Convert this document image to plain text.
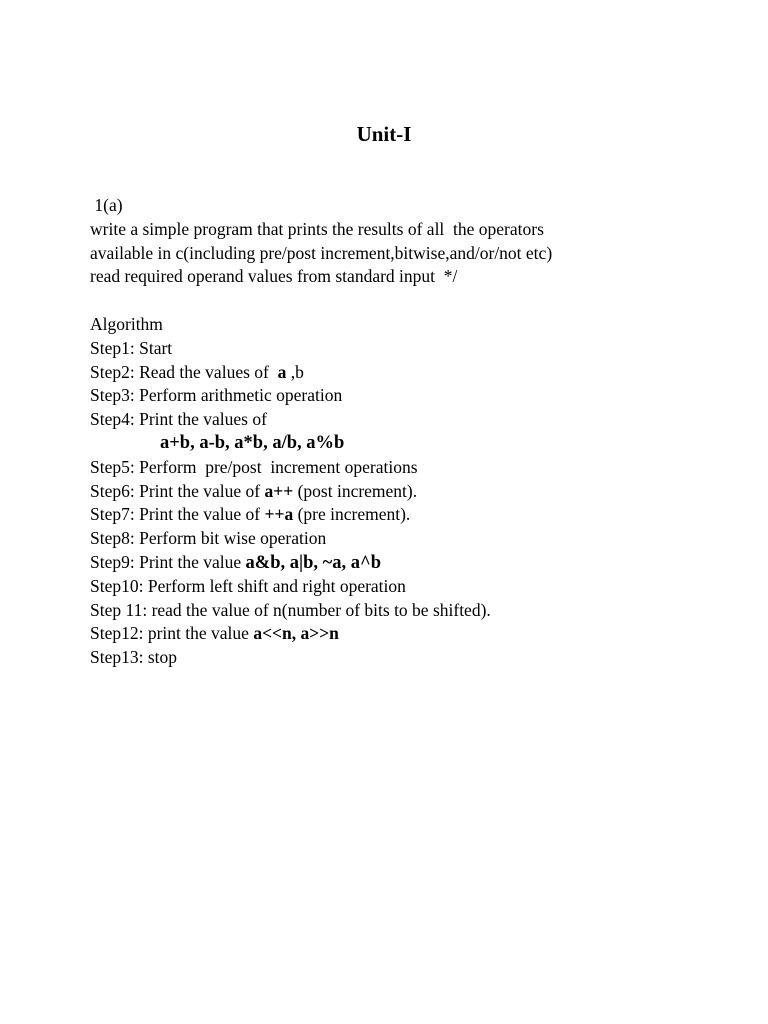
Unit-I
1(a)
write a simple program that prints the results of all  the operators
available in c(including pre/post increment,bitwise,and/or/not etc)
read required operand values from standard input  */
Algorithm
Step1: Start
Step2: Read the values of  a ,b
Step3: Perform arithmetic operation
Step4: Print the values of
a+b, a-b, a*b, a/b, a%b
Step5: Perform  pre/post  increment operations
Step6: Print the value of a++ (post increment).
Step7: Print the value of ++a (pre increment).
Step8: Perform bit wise operation
Step9: Print the value a&b, a|b, ~a, a^b
Step10: Perform left shift and right operation
Step 11: read the value of n(number of bits to be shifted).
Step12: print the value a<<n, a>>n
Step13: stop
